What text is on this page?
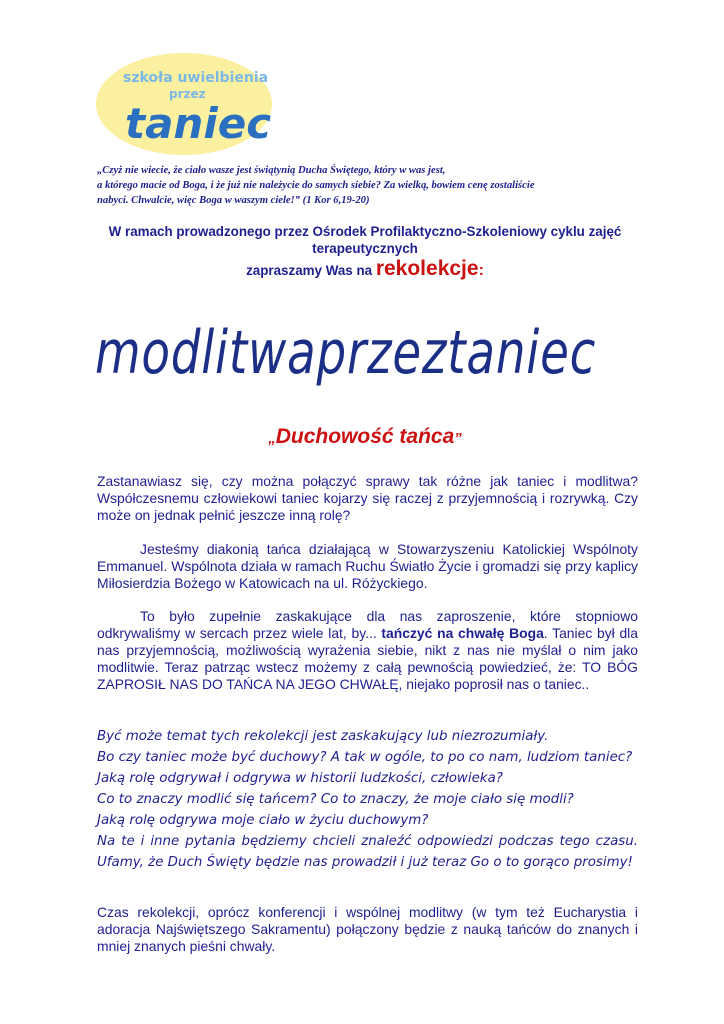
szkoła uwielbienia
przez
taniec
„Czyż nie wiecie, że ciało wasze jest świątynią Ducha Świętego, który w was jest,
a którego macie od Boga, i że już nie należycie do samych siebie? Za wielką, bowiem cenę zostaliście
nabyci. Chwalcie, więc Boga w waszym ciele!” (1 Kor 6,19-20)
W ramach prowadzonego przez Ośrodek Profilaktyczno-Szkoleniowy cyklu zajęć terapeutycznych
zapraszamy Was na rekolekcje:
modlitwa przez taniec
„Duchowość tańca”
Zastanawiasz się, czy można połączyć sprawy tak różne jak taniec i modlitwa? Współczesnemu człowiekowi taniec kojarzy się raczej z przyjemnością i rozrywką. Czy może on jednak pełnić jeszcze inną rolę?
Jesteśmy diakonią tańca działającą w Stowarzyszeniu Katolickiej Wspólnoty Emmanuel. Wspólnota działa w ramach Ruchu Światło Życie i gromadzi się przy kaplicy Miłosierdzia Bożego w Katowicach na ul. Różyckiego.
To było zupełnie zaskakujące dla nas zaproszenie, które stopniowo odkrywaliśmy w sercach przez wiele lat, by... tańczyć na chwałę Boga. Taniec był dla nas przyjemnością, możliwością wyrażenia siebie, nikt z nas nie myślał o nim jako modlitwie. Teraz patrząc wstecz możemy z całą pewnością powiedzieć, że: TO BÓG ZAPROSIŁ NAS DO TAŃCA NA JEGO CHWAŁĘ, niejako poprosił nas o taniec..
Być może temat tych rekolekcji jest zaskakujący lub niezrozumiały.
Bo czy taniec może być duchowy? A tak w ogóle, to po co nam, ludziom taniec?
Jaką rolę odgrywał i odgrywa w historii ludzkości, człowieka?
Co to znaczy modlić się tańcem? Co to znaczy, że moje ciało się modli?
Jaką rolę odgrywa moje ciało w życiu duchowym?
Na te i inne pytania będziemy chcieli znaleźć odpowiedzi podczas tego czasu. Ufamy, że Duch Święty będzie nas prowadził i już teraz Go o to gorąco prosimy!
Czas rekolekcji, oprócz konferencji i wspólnej modlitwy (w tym też Eucharystia i adoracja Najświętszego Sakramentu) połączony będzie z nauką tańców do znanych i mniej znanych pieśni chwały.
